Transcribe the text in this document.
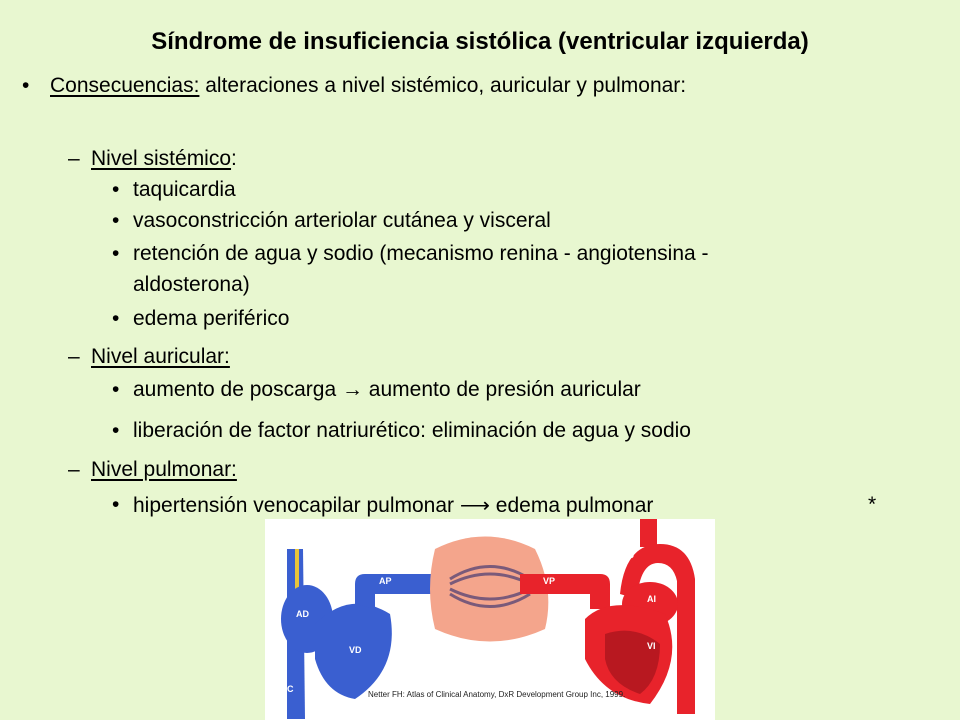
Síndrome de insuficiencia sistólica (ventricular izquierda)
• Consecuencias: alteraciones a nivel sistémico, auricular y pulmonar:
– Nivel sistémico:
• taquicardia
• vasoconstricción arteriolar cutánea y visceral
• retención de agua y sodio (mecanismo renina - angiotensina -
aldosterona)
• edema periférico
– Nivel auricular:
• aumento de poscarga → aumento de presión auricular
• liberación de factor natriurético: eliminación de agua y sodio
– Nivel pulmonar:
• hipertensión venocapilar pulmonar ⟶ edema pulmonar	*
C
AD
VD
C
AP	VP
Ao
AI
VI
Netter FH: Atlas of Clinical Anatomy, DxR Development Group Inc, 1999.
